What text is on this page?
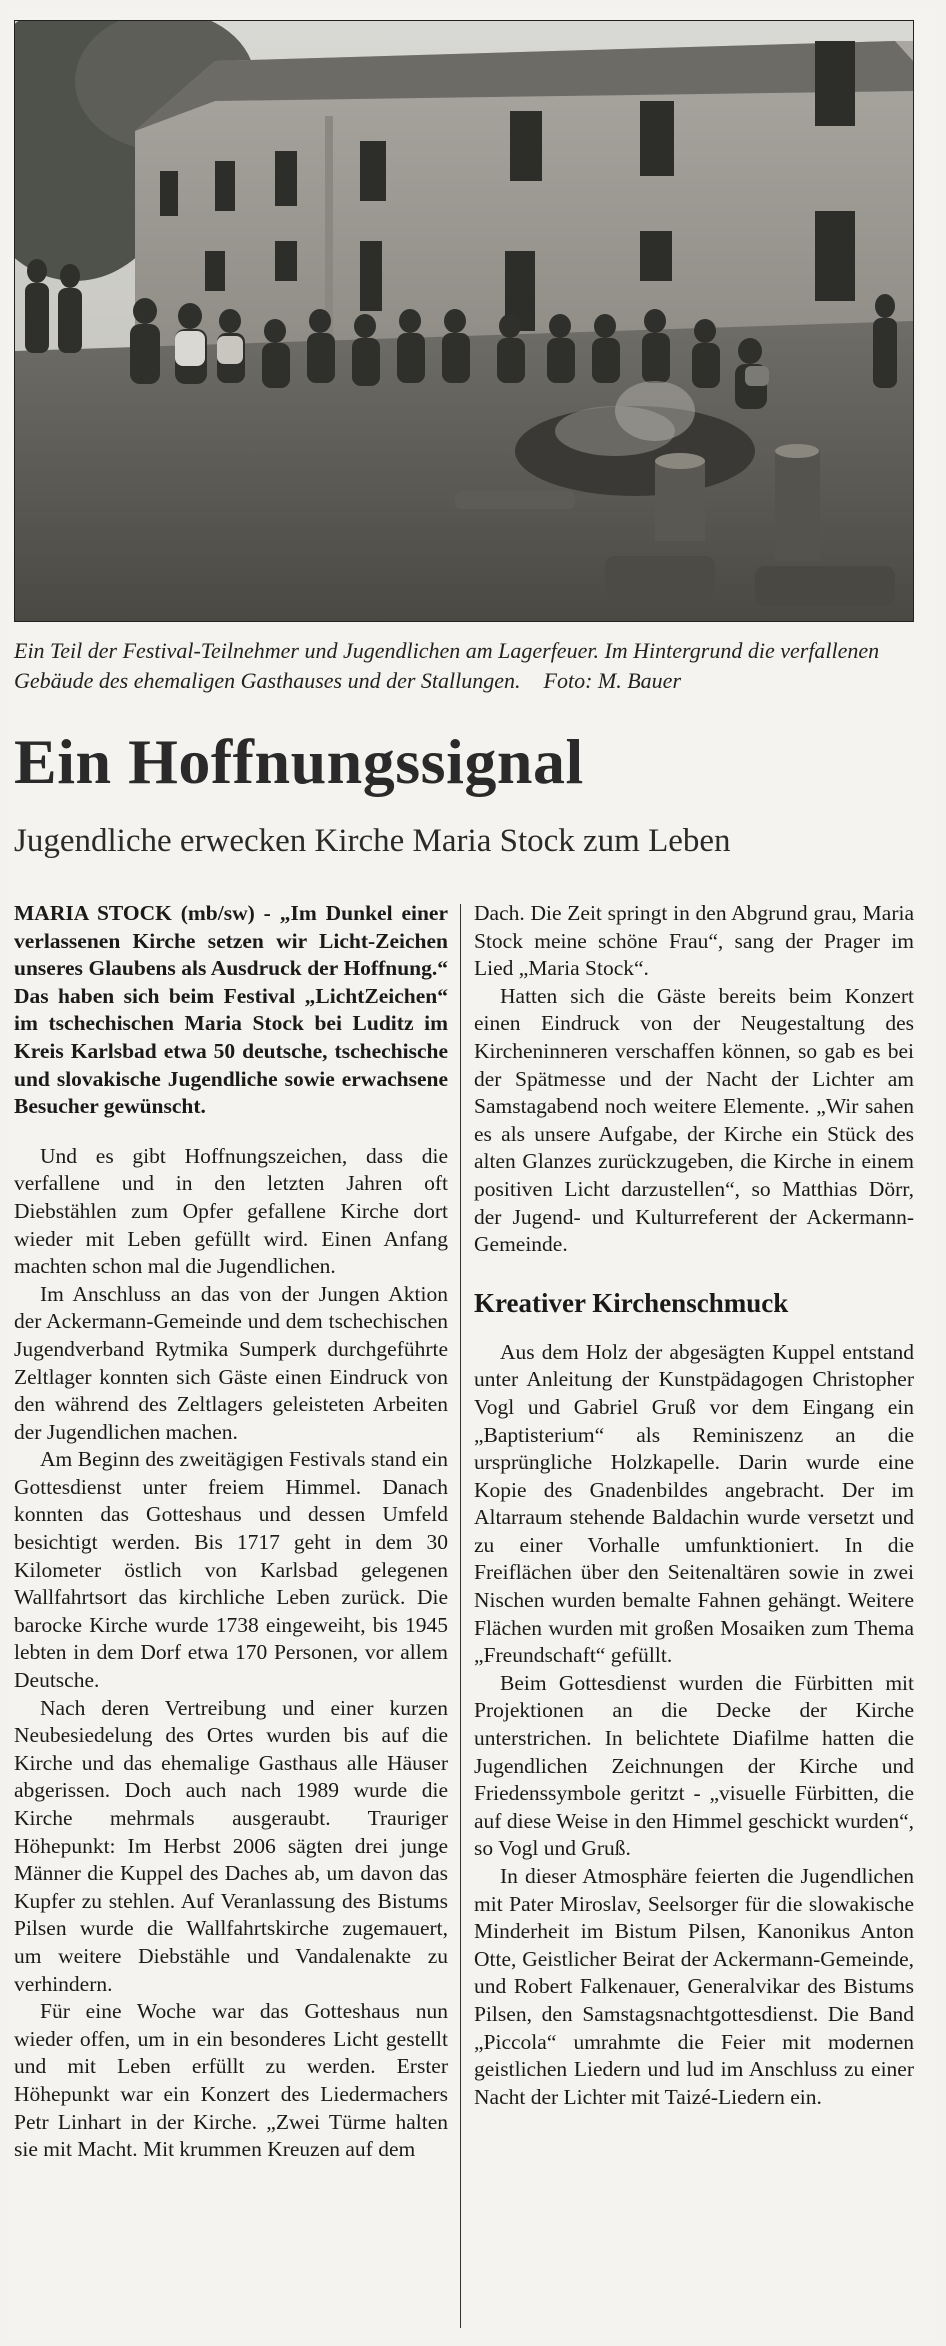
Ein Teil der Festival-Teilnehmer und Jugendlichen am Lagerfeuer. Im Hintergrund die verfallenen Gebäude des ehemaligen Gasthauses und der Stallungen. Foto: M. Bauer
Ein Hoffnungssignal
Jugendliche erwecken Kirche Maria Stock zum Leben
MARIA STOCK (mb/sw) - „Im Dunkel einer verlassenen Kirche setzen wir Licht-Zeichen unseres Glaubens als Ausdruck der Hoffnung.“ Das haben sich beim Festival „LichtZeichen“ im tschechischen Maria Stock bei Luditz im Kreis Karlsbad etwa 50 deutsche, tschechische und slovakische Jugendliche sowie erwachsene Besucher gewünscht.

Und es gibt Hoffnungszeichen, dass die verfallene und in den letzten Jahren oft Diebstählen zum Opfer gefallene Kirche dort wieder mit Leben gefüllt wird. Einen Anfang machten schon mal die Jugendlichen.

Im Anschluss an das von der Jungen Aktion der Ackermann-Gemeinde und dem tschechischen Jugendverband Rytmika Sumperk durchgeführte Zeltlager konnten sich Gäste einen Eindruck von den während des Zeltlagers geleisteten Arbeiten der Jugendlichen machen.

Am Beginn des zweitägigen Festivals stand ein Gottesdienst unter freiem Himmel. Danach konnten das Gotteshaus und dessen Umfeld besichtigt werden. Bis 1717 geht in dem 30 Kilometer östlich von Karlsbad gelegenen Wallfahrtsort das kirchliche Leben zurück. Die barocke Kirche wurde 1738 eingeweiht, bis 1945 lebten in dem Dorf etwa 170 Personen, vor allem Deutsche.

Nach deren Vertreibung und einer kurzen Neubesiedelung des Ortes wurden bis auf die Kirche und das ehemalige Gasthaus alle Häuser abgerissen. Doch auch nach 1989 wurde die Kirche mehrmals ausgeraubt. Trauriger Höhepunkt: Im Herbst 2006 sägten drei junge Männer die Kuppel des Daches ab, um davon das Kupfer zu stehlen. Auf Veranlassung des Bistums Pilsen wurde die Wallfahrtskirche zugemauert, um weitere Diebstähle und Vandalenakte zu verhindern.

Für eine Woche war das Gotteshaus nun wieder offen, um in ein besonderes Licht gestellt und mit Leben erfüllt zu werden. Erster Höhepunkt war ein Konzert des Liedermachers Petr Linhart in der Kirche. „Zwei Türme halten sie mit Macht. Mit krummen Kreuzen auf dem

Dach. Die Zeit springt in den Abgrund grau, Maria Stock meine schöne Frau“, sang der Prager im Lied „Maria Stock“.

Hatten sich die Gäste bereits beim Konzert einen Eindruck von der Neugestaltung des Kircheninneren verschaffen können, so gab es bei der Spätmesse und der Nacht der Lichter am Samstagabend noch weitere Elemente. „Wir sahen es als unsere Aufgabe, der Kirche ein Stück des alten Glanzes zurückzugeben, die Kirche in einem positiven Licht darzustellen“, so Matthias Dörr, der Jugend- und Kulturreferent der Ackermann-Gemeinde.

Kreativer Kirchenschmuck

Aus dem Holz der abgesägten Kuppel entstand unter Anleitung der Kunstpädagogen Christopher Vogl und Gabriel Gruß vor dem Eingang ein „Baptisterium“ als Reminiszenz an die ursprüngliche Holzkapelle. Darin wurde eine Kopie des Gnadenbildes angebracht. Der im Altarraum stehende Baldachin wurde versetzt und zu einer Vorhalle umfunktioniert. In die Freiflächen über den Seitenaltären sowie in zwei Nischen wurden bemalte Fahnen gehängt. Weitere Flächen wurden mit großen Mosaiken zum Thema „Freundschaft“ gefüllt.

Beim Gottesdienst wurden die Fürbitten mit Projektionen an die Decke der Kirche unterstrichen. In belichtete Diafilme hatten die Jugendlichen Zeichnungen der Kirche und Friedenssymbole geritzt - „visuelle Fürbitten, die auf diese Weise in den Himmel geschickt wurden“, so Vogl und Gruß.

In dieser Atmosphäre feierten die Jugendlichen mit Pater Miroslav, Seelsorger für die slowakische Minderheit im Bistum Pilsen, Kanonikus Anton Otte, Geistlicher Beirat der Ackermann-Gemeinde, und Robert Falkenauer, Generalvikar des Bistums Pilsen, den Samstagsnachtgottesdienst. Die Band „Piccola“ umrahmte die Feier mit modernen geistlichen Liedern und lud im Anschluss zu einer Nacht der Lichter mit Taizé-Liedern ein.
